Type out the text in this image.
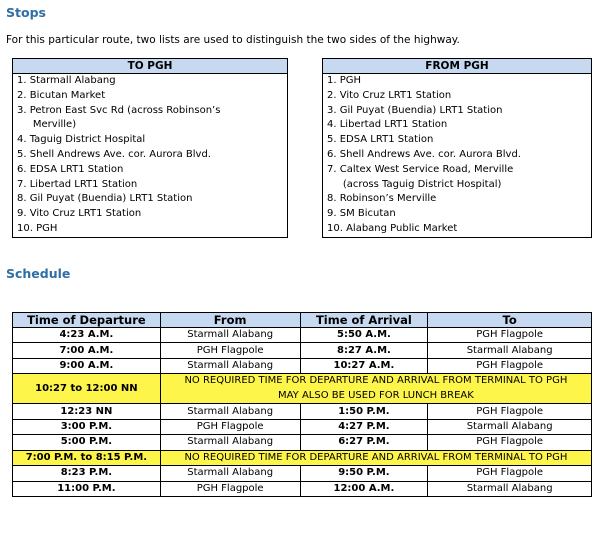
Stops
For this particular route, two lists are used to distinguish the two sides of the highway.
TO PGH
1. Starmall Alabang
2. Bicutan Market
3. Petron East Svc Rd (across Robinson’s
Merville)
4. Taguig District Hospital
5. Shell Andrews Ave. cor. Aurora Blvd.
6. EDSA LRT1 Station
7. Libertad LRT1 Station
8. Gil Puyat (Buendia) LRT1 Station
9. Vito Cruz LRT1 Station
10. PGH
FROM PGH
1. PGH
2. Vito Cruz LRT1 Station
3. Gil Puyat (Buendia) LRT1 Station
4. Libertad LRT1 Station
5. EDSA LRT1 Station
6. Shell Andrews Ave. cor. Aurora Blvd.
7. Caltex West Service Road, Merville
(across Taguig District Hospital)
8. Robinson’s Merville
9. SM Bicutan
10. Alabang Public Market
Schedule
Time of Departure	From	Time of Arrival	To
4:23 A.M.	Starmall Alabang	5:50 A.M.	PGH Flagpole
7:00 A.M.	PGH Flagpole	8:27 A.M.	Starmall Alabang
9:00 A.M.	Starmall Alabang	10:27 A.M.	PGH Flagpole
10:27 to 12:00 NN	NO REQUIRED TIME FOR DEPARTURE AND ARRIVAL FROM TERMINAL TO PGH
MAY ALSO BE USED FOR LUNCH BREAK		

12:23 NN	Starmall Alabang	1:50 P.M.	PGH Flagpole
3:00 P.M.	PGH Flagpole	4:27 P.M.	Starmall Alabang
5:00 P.M.	Starmall Alabang	6:27 P.M.	PGH Flagpole
7:00 P.M. to 8:15 P.M.	NO REQUIRED TIME FOR DEPARTURE AND ARRIVAL FROM TERMINAL TO PGH		

8:23 P.M.	Starmall Alabang	9:50 P.M.	PGH Flagpole
11:00 P.M.	PGH Flagpole	12:00 A.M.	Starmall Alabang
